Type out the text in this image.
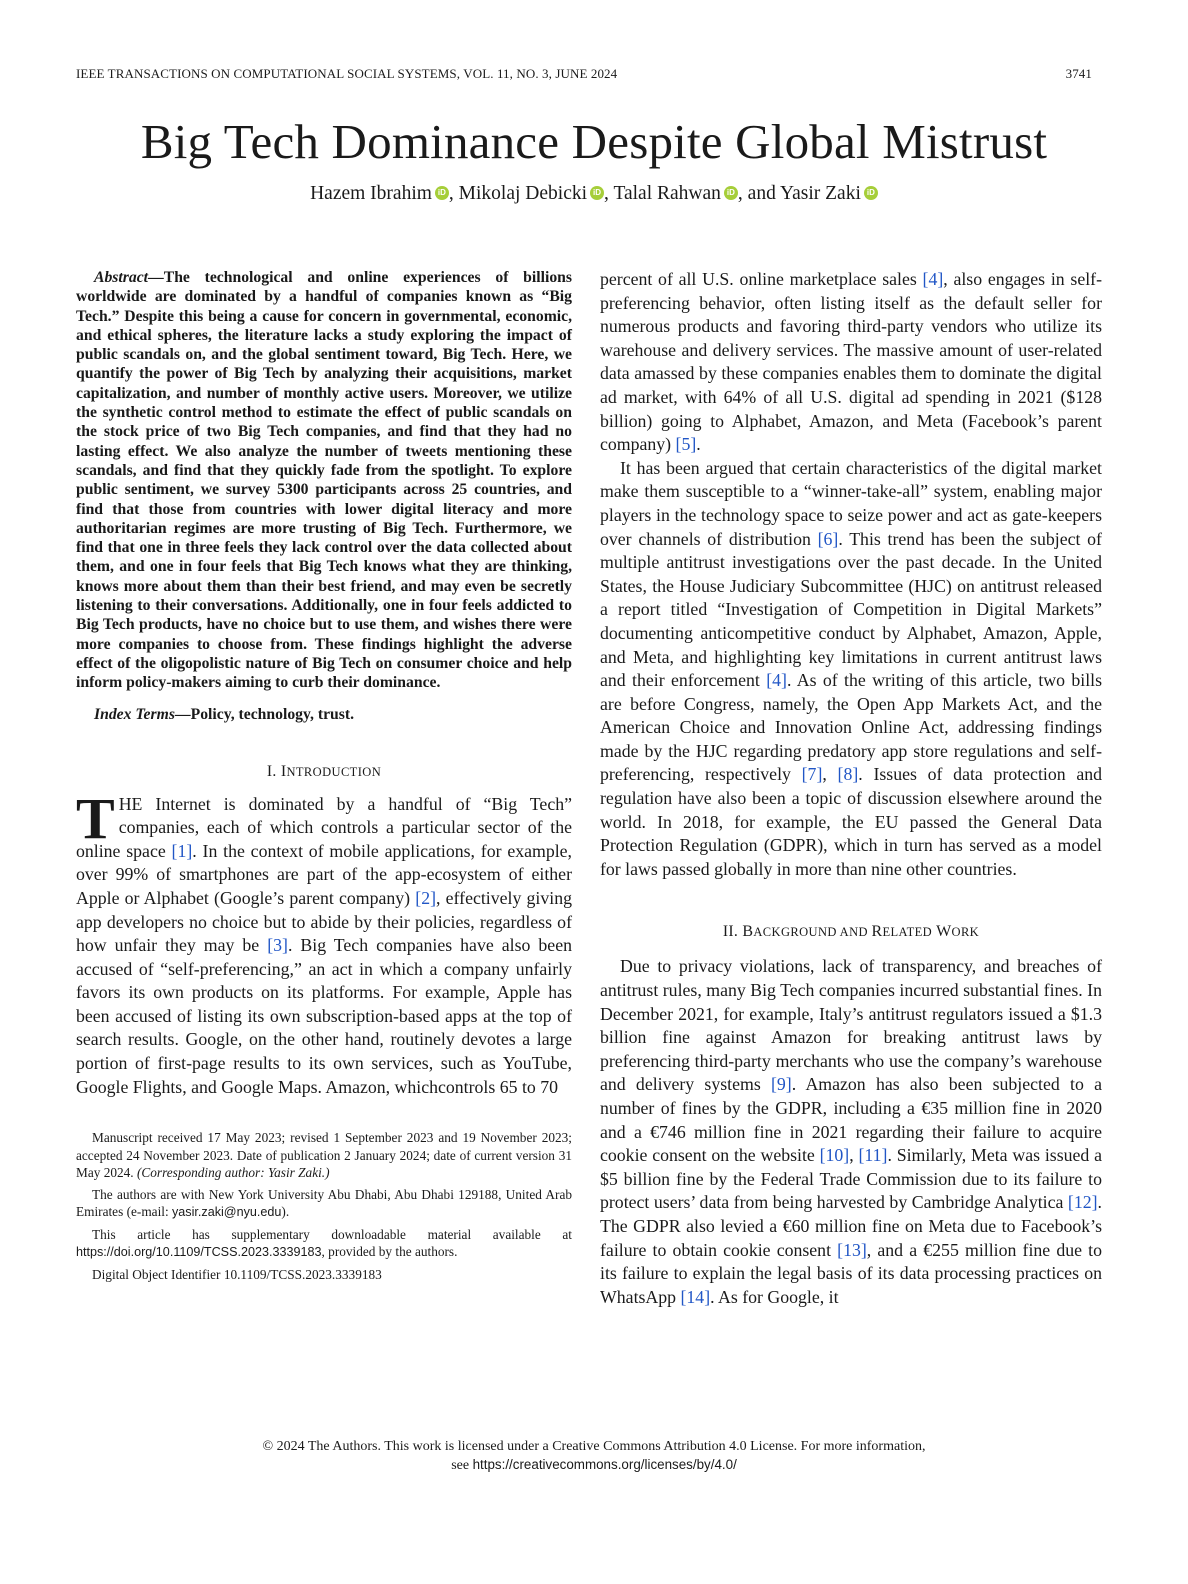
IEEE TRANSACTIONS ON COMPUTATIONAL SOCIAL SYSTEMS, VOL. 11, NO. 3, JUNE 2024	3741
Big Tech Dominance Despite Global Mistrust
Hazem Ibrahim iD , Mikolaj Debicki iD , Talal Rahwan iD , and Yasir Zaki iD

Abstract—The technological and online experiences of billions worldwide are dominated by a handful of companies known as “Big Tech.” Despite this being a cause for concern in governmental, economic, and ethical spheres, the literature lacks a study exploring the impact of public scandals on, and the global sentiment toward, Big Tech. Here, we quantify the power of Big Tech by analyzing their acquisitions, market capitalization, and number of monthly active users. Moreover, we utilize the synthetic control method to estimate the effect of public scandals on the stock price of two Big Tech companies, and find that they had no lasting effect. We also analyze the number of tweets mentioning these scandals, and find that they quickly fade from the spotlight. To explore public sentiment, we survey 5300 participants across 25 countries, and find that those from countries with lower digital literacy and more authoritarian regimes are more trusting of Big Tech. Furthermore, we find that one in three feels they lack control over the data collected about them, and one in four feels that Big Tech knows what they are thinking, knows more about them than their best friend, and may even be secretly listening to their conversations. Additionally, one in four feels addicted to Big Tech products, have no choice but to use them, and wishes there were more companies to choose from. These findings highlight the adverse effect of the oligopolistic nature of Big Tech on consumer choice and help inform policy-makers aiming to curb their dominance.

Index Terms—Policy, technology, trust.

I. INTRODUCTION

THE Internet is dominated by a handful of “Big Tech” companies, each of which controls a particular sector of the online space [1]. In the context of mobile applications, for example, over 99% of smartphones are part of the app-ecosystem of either Apple or Alphabet (Google’s parent company) [2], effectively giving app developers no choice but to abide by their policies, regardless of how unfair they may be [3]. Big Tech companies have also been accused of “self-preferencing,” an act in which a company unfairly favors its own products on its platforms. For example, Apple has been accused of listing its own subscription-based apps at the top of search results. Google, on the other hand, routinely devotes a large portion of first-page results to its own services, such as YouTube, Google Flights, and Google Maps. Amazon, whichcontrols 65 to 70

Manuscript received 17 May 2023; revised 1 September 2023 and 19 November 2023; accepted 24 November 2023. Date of publication 2 January 2024; date of current version 31 May 2024. (Corresponding author: Yasir Zaki.)

The authors are with New York University Abu Dhabi, Abu Dhabi 129188, United Arab Emirates (e-mail: yasir.zaki@nyu.edu).

This article has supplementary downloadable material available at https://doi.org/10.1109/TCSS.2023.3339183, provided by the authors.

Digital Object Identifier 10.1109/TCSS.2023.3339183

percent of all U.S. online marketplace sales [4], also engages in self-preferencing behavior, often listing itself as the default seller for numerous products and favoring third-party vendors who utilize its warehouse and delivery services. The massive amount of user-related data amassed by these companies enables them to dominate the digital ad market, with 64% of all U.S. digital ad spending in 2021 ($128 billion) going to Alphabet, Amazon, and Meta (Facebook’s parent company) [5].

It has been argued that certain characteristics of the digital market make them susceptible to a “winner-take-all” system, enabling major players in the technology space to seize power and act as gate-keepers over channels of distribution [6]. This trend has been the subject of multiple antitrust investigations over the past decade. In the United States, the House Judiciary Subcommittee (HJC) on antitrust released a report titled “Investigation of Competition in Digital Markets” documenting anticompetitive conduct by Alphabet, Amazon, Apple, and Meta, and highlighting key limitations in current antitrust laws and their enforcement [4]. As of the writing of this article, two bills are before Congress, namely, the Open App Markets Act, and the American Choice and Innovation Online Act, addressing findings made by the HJC regarding predatory app store regulations and self-preferencing, respectively [7], [8]. Issues of data protection and regulation have also been a topic of discussion elsewhere around the world. In 2018, for example, the EU passed the General Data Protection Regulation (GDPR), which in turn has served as a model for laws passed globally in more than nine other countries.

II. BACKGROUND AND RELATED WORK

Due to privacy violations, lack of transparency, and breaches of antitrust rules, many Big Tech companies incurred substantial fines. In December 2021, for example, Italy’s antitrust regulators issued a $1.3 billion fine against Amazon for breaking antitrust laws by preferencing third-party merchants who use the company’s warehouse and delivery systems [9]. Amazon has also been subjected to a number of fines by the GDPR, including a €35 million fine in 2020 and a €746 million fine in 2021 regarding their failure to acquire cookie consent on the website [10], [11]. Similarly, Meta was issued a $5 billion fine by the Federal Trade Commission due to its failure to protect users’ data from being harvested by Cambridge Analytica [12]. The GDPR also levied a €60 million fine on Meta due to Facebook’s failure to obtain cookie consent [13], and a €255 million fine due to its failure to explain the legal basis of its data processing practices on WhatsApp [14]. As for Google, it

© 2024 The Authors. This work is licensed under a Creative Commons Attribution 4.0 License. For more information,
see https://creativecommons.org/licenses/by/4.0/
